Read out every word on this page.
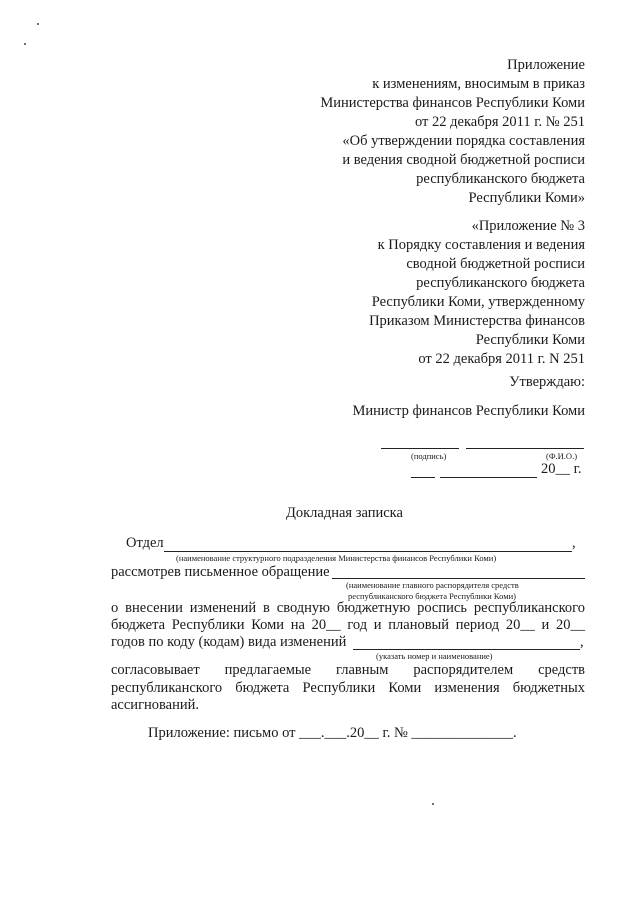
Приложение
к изменениям, вносимым в приказ
Министерства финансов Республики Коми
от 22 декабря 2011 г. № 251
«Об утверждении порядка составления
и ведения сводной бюджетной росписи
республиканского бюджета
Республики Коми»
«Приложение № 3
к Порядку составления и ведения
сводной бюджетной росписи
республиканского бюджета
Республики Коми, утвержденному
Приказом Министерства финансов
Республики Коми
от 22 декабря 2011 г. N 251
Утверждаю:
Министр финансов Республики Коми
(подпись)	(Ф.И.О.)
20__ г.
Докладная записка
Отдел	,
(наименование структурного подразделения Министерства финансов Республики Коми)
рассмотрев письменное обращение
(наименование главного распорядителя средств
республиканского бюджета Республики Коми)
о внесении изменений в сводную бюджетную роспись республиканского
бюджета Республики Коми на 20__ год и плановый период 20__ и 20__
годов по коду (кодам) вида изменений	,
(указать номер и наименование)
согласовывает предлагаемые главным распорядителем средств
республиканского бюджета Республики Коми изменения бюджетных
ассигнований.
Приложение: письмо от ___.___.20__ г. № ______________.
